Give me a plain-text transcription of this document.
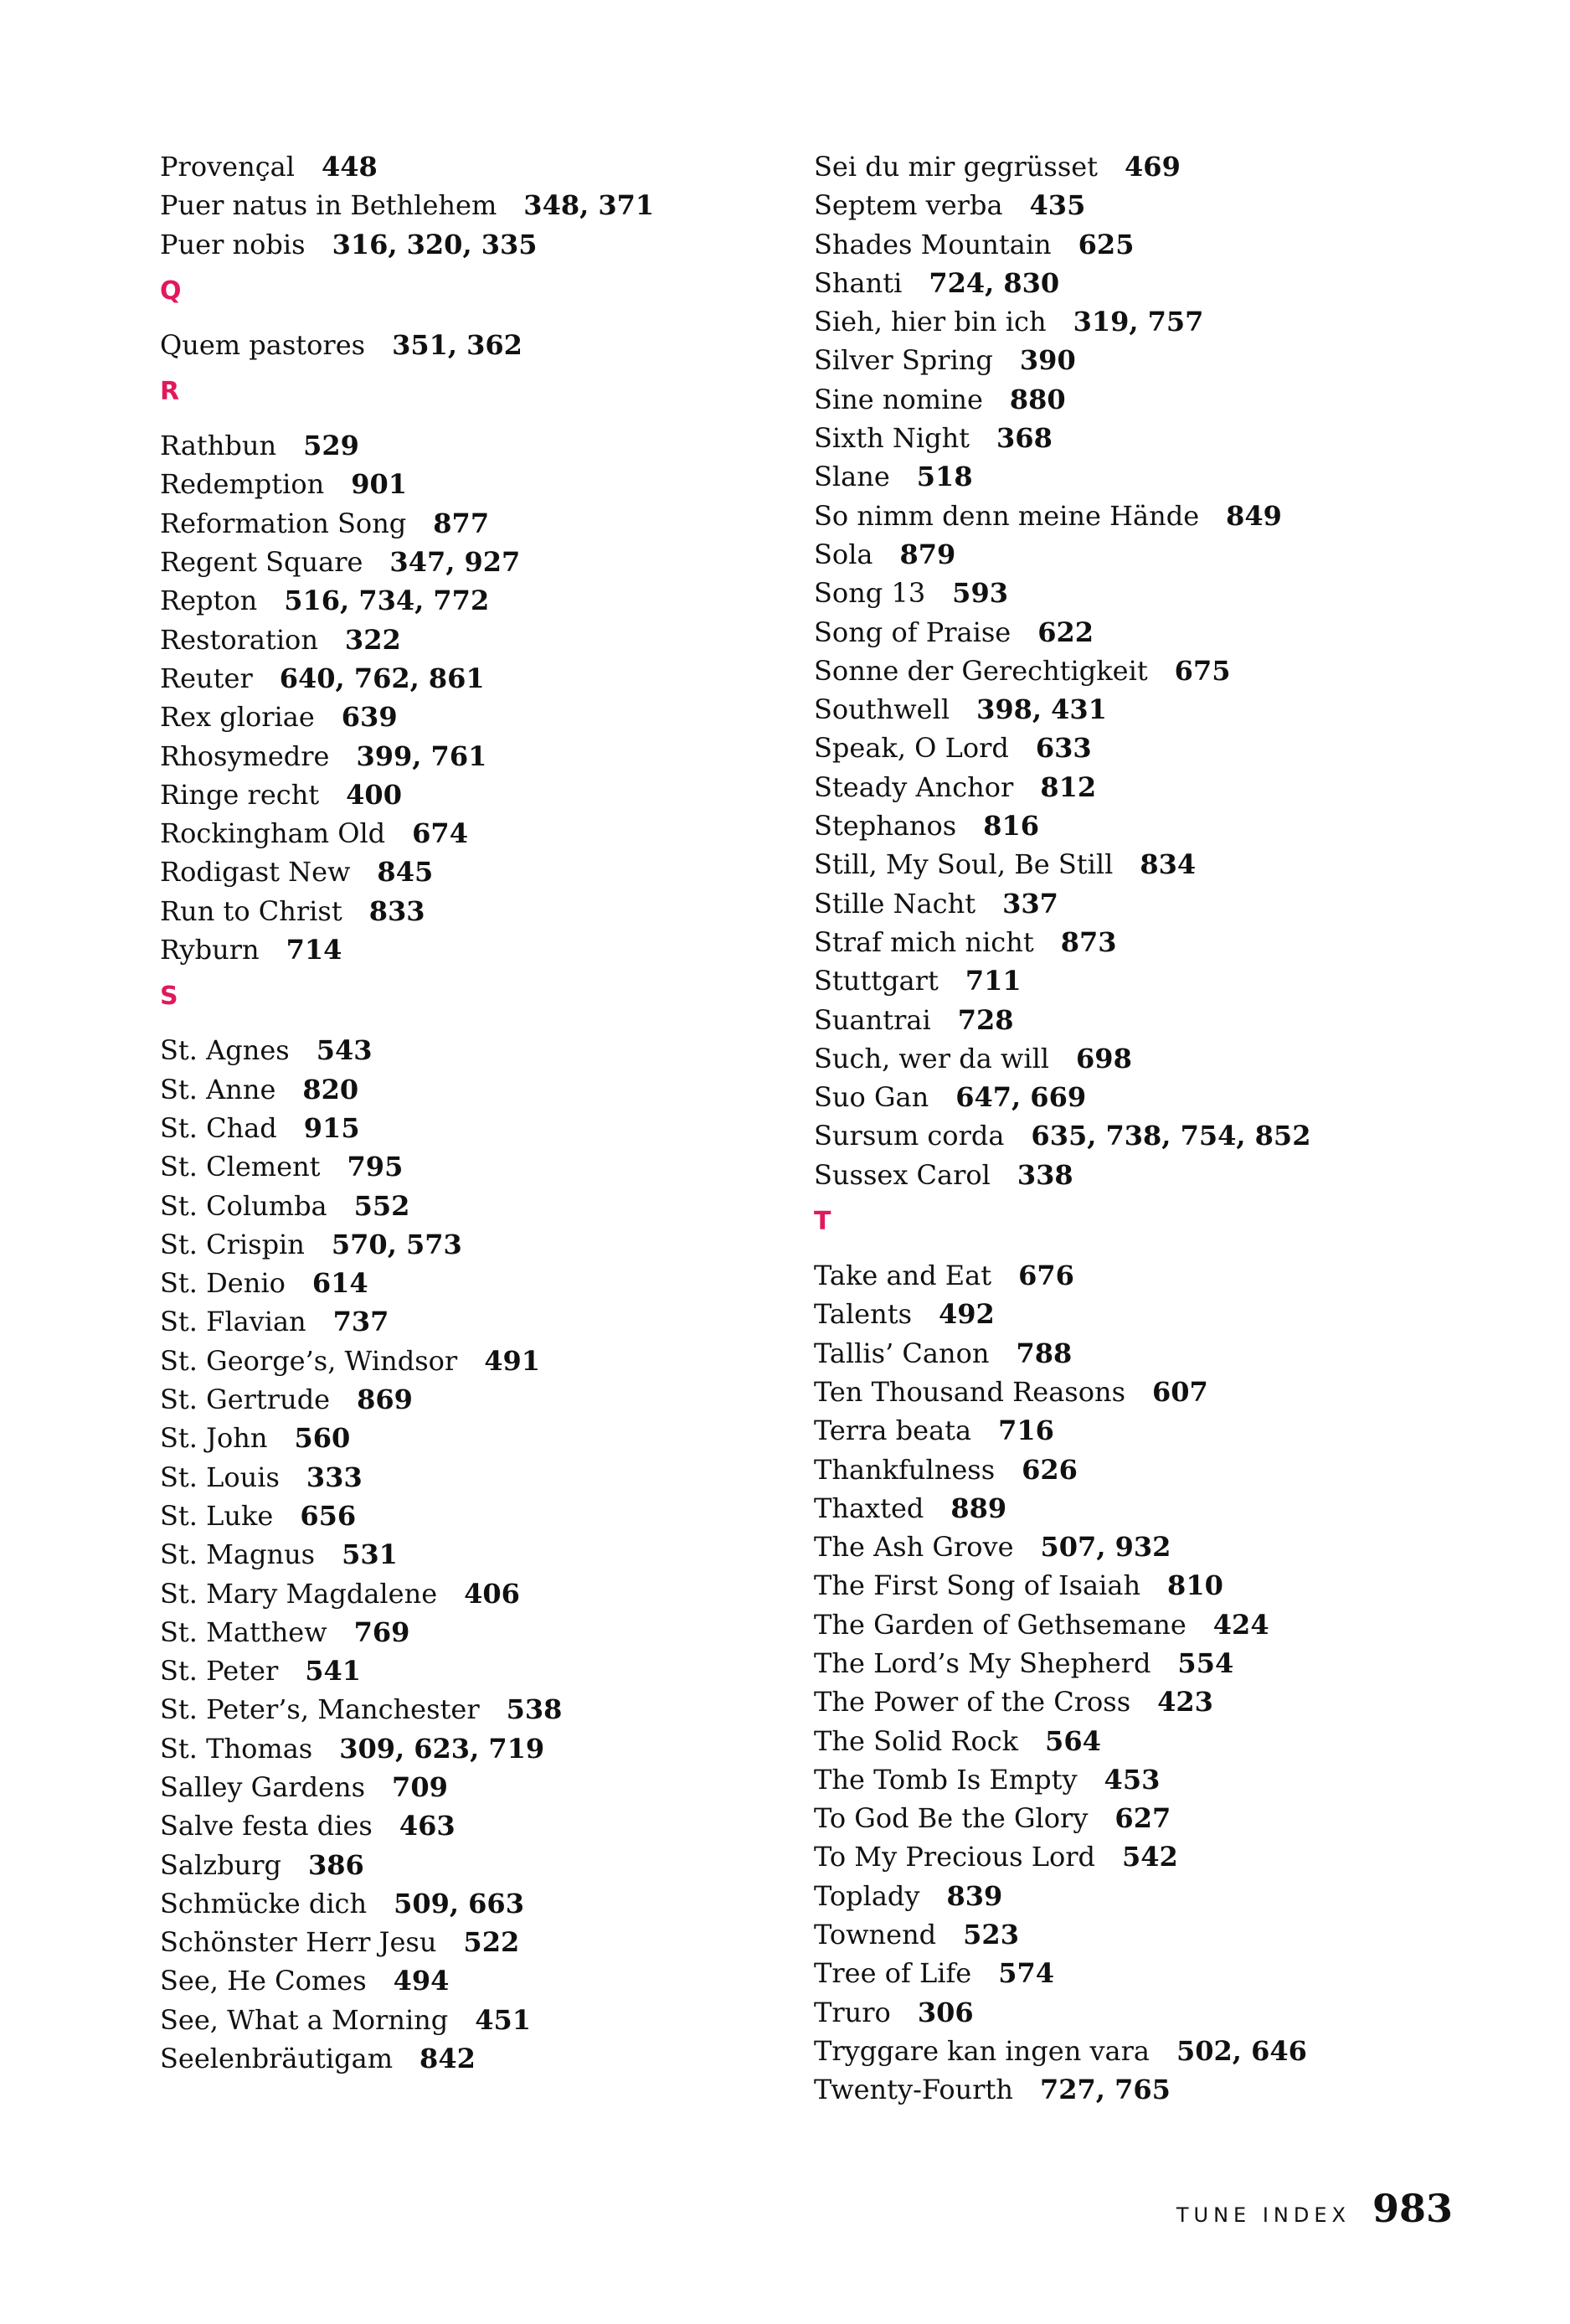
Provençal 448
Puer natus in Bethlehem 348, 371
Puer nobis 316, 320, 335
Q
Quem pastores 351, 362
R
Rathbun 529
Redemption 901
Reformation Song 877
Regent Square 347, 927
Repton 516, 734, 772
Restoration 322
Reuter 640, 762, 861
Rex gloriae 639
Rhosymedre 399, 761
Ringe recht 400
Rockingham Old 674
Rodigast New 845
Run to Christ 833
Ryburn 714
S
St. Agnes 543
St. Anne 820
St. Chad 915
St. Clement 795
St. Columba 552
St. Crispin 570, 573
St. Denio 614
St. Flavian 737
St. George’s, Windsor 491
St. Gertrude 869
St. John 560
St. Louis 333
St. Luke 656
St. Magnus 531
St. Mary Magdalene 406
St. Matthew 769
St. Peter 541
St. Peter’s, Manchester 538
St. Thomas 309, 623, 719
Salley Gardens 709
Salve festa dies 463
Salzburg 386
Schmücke dich 509, 663
Schönster Herr Jesu 522
See, He Comes 494
See, What a Morning 451
Seelenbräutigam 842
Sei du mir gegrüsset 469
Septem verba 435
Shades Mountain 625
Shanti 724, 830
Sieh, hier bin ich 319, 757
Silver Spring 390
Sine nomine 880
Sixth Night 368
Slane 518
So nimm denn meine Hände 849
Sola 879
Song 13 593
Song of Praise 622
Sonne der Gerechtigkeit 675
Southwell 398, 431
Speak, O Lord 633
Steady Anchor 812
Stephanos 816
Still, My Soul, Be Still 834
Stille Nacht 337
Straf mich nicht 873
Stuttgart 711
Suantrai 728
Such, wer da will 698
Suo Gan 647, 669
Sursum corda 635, 738, 754, 852
Sussex Carol 338
T
Take and Eat 676
Talents 492
Tallis’ Canon 788
Ten Thousand Reasons 607
Terra beata 716
Thankfulness 626
Thaxted 889
The Ash Grove 507, 932
The First Song of Isaiah 810
The Garden of Gethsemane 424
The Lord’s My Shepherd 554
The Power of the Cross 423
The Solid Rock 564
The Tomb Is Empty 453
To God Be the Glory 627
To My Precious Lord 542
Toplady 839
Townend 523
Tree of Life 574
Truro 306
Tryggare kan ingen vara 502, 646
Twenty-Fourth 727, 765
TUNE INDEX 983
